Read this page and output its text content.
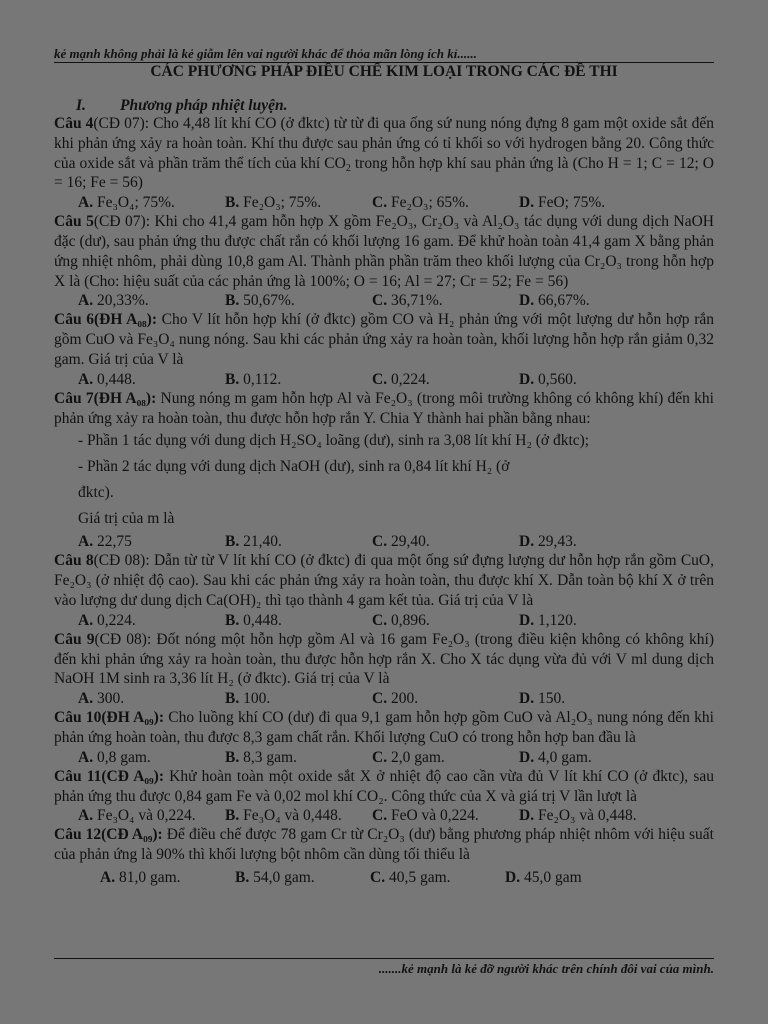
kẻ mạnh không phải là kẻ giẫm lên vai người khác để thỏa mãn lòng ích kỉ......
CÁC PHƯƠNG PHÁP ĐIỀU CHẾ KIM LOẠI TRONG CÁC ĐỀ THI
I. Phương pháp nhiệt luyện.
Câu 4(CĐ 07): Cho 4,48 lít khí CO (ở đktc) từ từ đi qua ống sứ nung nóng đựng 8 gam một oxide sắt đến khi phản ứng xảy ra hoàn toàn. Khí thu được sau phản ứng có tỉ khối so với hydrogen bằng 20. Công thức của oxide sắt và phần trăm thể tích của khí $CO_2$ trong hỗn hợp khí sau phản ứng là (Cho H = 1; C = 12; O = 16; Fe = 56)
A. Fe₃O₄; 75%.	B. Fe₂O₃; 75%.	C. Fe₂O₃; 65%.	D. FeO; 75%.
Câu 5(CĐ 07): Khi cho 41,4 gam hỗn hợp X gồm Fe₂O₃, Cr₂O₃ và Al₂O₃ tác dụng với dung dịch NaOH đặc (dư), sau phản ứng thu được chất rắn có khối lượng 16 gam. Để khử hoàn toàn 41,4 gam X bằng phản ứng nhiệt nhôm, phải dùng 10,8 gam Al. Thành phần phần trăm theo khối lượng của Cr₂O₃ trong hỗn hợp X là (Cho: hiệu suất của các phản ứng là 100%; O = 16; Al = 27; Cr = 52; Fe = 56)
A. 20,33%.	B. 50,67%.	C. 36,71%.	D. 66,67%.
Câu 6(ĐH A₀₈): Cho V lít hỗn hợp khí (ở đktc) gồm CO và H₂ phản ứng với một lượng dư hỗn hợp rắn gồm CuO và Fe₃O₄ nung nóng. Sau khi các phản ứng xảy ra hoàn toàn, khối lượng hỗn hợp rắn giảm 0,32 gam. Giá trị của V là
A. 0,448.	B. 0,112.	C. 0,224.	D. 0,560.
Câu 7(ĐH A₀₈): Nung nóng m gam hỗn hợp Al và Fe₂O₃ (trong môi trường không có không khí) đến khi phản ứng xảy ra hoàn toàn, thu được hỗn hợp rắn Y. Chia Y thành hai phần bằng nhau:
- Phần 1 tác dụng với dung dịch H₂SO₄ loãng (dư), sinh ra 3,08 lít khí H₂ (ở đktc);
- Phần 2 tác dụng với dung dịch NaOH (dư), sinh ra 0,84 lít khí H₂ (ở
đktc).
Giá trị của m là
A. 22,75	B. 21,40.	C. 29,40.	D. 29,43.
Câu 8(CĐ 08): Dẫn từ từ V lít khí CO (ở đktc) đi qua một ống sứ đựng lượng dư hỗn hợp rắn gồm CuO, Fe₂O₃ (ở nhiệt độ cao). Sau khi các phản ứng xảy ra hoàn toàn, thu được khí X. Dẫn toàn bộ khí X ở trên vào lượng dư dung dịch Ca(OH)₂ thì tạo thành 4 gam kết tủa. Giá trị của V là
A. 0,224.	B. 0,448.	C. 0,896.	D. 1,120.
Câu 9(CĐ 08): Đốt nóng một hỗn hợp gồm Al và 16 gam Fe₂O₃ (trong điều kiện không có không khí) đến khi phản ứng xảy ra hoàn toàn, thu được hỗn hợp rắn X. Cho X tác dụng vừa đủ với V ml dung dịch NaOH 1M sinh ra 3,36 lít H₂ (ở đktc). Giá trị của V là
A. 300.	B. 100.	C. 200.	D. 150.
Câu 10(ĐH A₀₉): Cho luồng khí CO (dư) đi qua 9,1 gam hỗn hợp gồm CuO và Al₂O₃ nung nóng đến khi phản ứng hoàn toàn, thu được 8,3 gam chất rắn. Khối lượng CuO có trong hỗn hợp ban đầu là
A. 0,8 gam.	B. 8,3 gam.	C. 2,0 gam.	D. 4,0 gam.
Câu 11(CĐ A₀₉): Khử hoàn toàn một oxide sắt X ở nhiệt độ cao cần vừa đủ V lít khí CO (ở đktc), sau phản ứng thu được 0,84 gam Fe và 0,02 mol khí CO₂. Công thức của X và giá trị V lần lượt là
A. Fe₃O₄ và 0,224.	B. Fe₃O₄ và 0,448.	C. FeO và 0,224.	D. Fe₂O₃ và 0,448.
Câu 12(CĐ A₀₉): Để điều chế được 78 gam Cr từ Cr₂O₃ (dư) bằng phương pháp nhiệt nhôm với hiệu suất của phản ứng là 90% thì khối lượng bột nhôm cần dùng tối thiểu là
A. 81,0 gam.	B. 54,0 gam.	C. 40,5 gam.	D. 45,0 gam
.......kẻ mạnh là kẻ đỡ người khác trên chính đôi vai của mình.
